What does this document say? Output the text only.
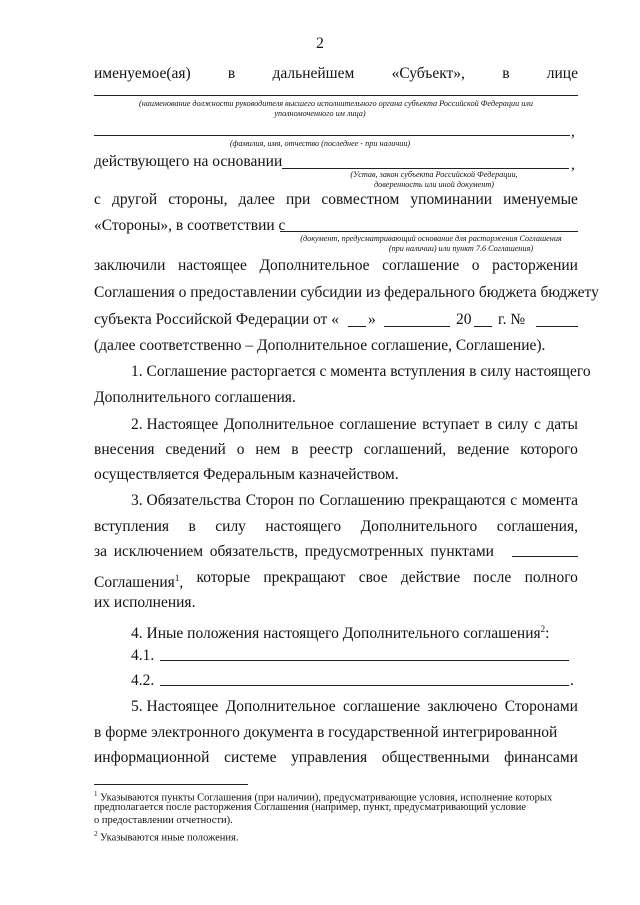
2
именуемое(ая) в дальнейшем «Субъект», в лице
(наименование должности руководителя высшего исполнительного органа субъекта Российской Федерации или
уполномоченного им лица)
,
(фамилия, имя, отчество (последнее - при наличии)
действующего на основании	,
(Устав, закон субъекта Российской Федерации,
доверенность или иной документ)
с другой стороны, далее при совместном упоминании именуемые
«Стороны», в соответствии с
(документ, предусматривающий основание для расторжения Соглашения
(при наличии) или пункт 7.6 Соглашения)
заключили настоящее Дополнительное соглашение о расторжении
Соглашения о предоставлении субсидии из федерального бюджета бюджету
субъекта Российской Федерации от « »	20 г. №
(далее соответственно – Дополнительное соглашение, Соглашение).
1. Соглашение расторгается с момента вступления в силу настоящего
Дополнительного соглашения.
2. Настоящее Дополнительное соглашение вступает в силу с даты
внесения сведений о нем в реестр соглашений, ведение которого
осуществляется Федеральным казначейством.
3. Обязательства Сторон по Соглашению прекращаются с момента
вступления в силу настоящего Дополнительного соглашения,
за исключением обязательств, предусмотренных пунктами
Соглашения$^1$, которые прекращают свое действие после полного
их исполнения.
4. Иные положения настоящего Дополнительного соглашения$^2$:
4.1.
4.2.	.
5. Настоящее Дополнительное соглашение заключено Сторонами
в форме электронного документа в государственной интегрированной
информационной системе управления общественными финансами
$^1$ Указываются пункты Соглашения (при наличии), предусматривающие условия, исполнение которых
предполагается после расторжения Соглашения (например, пункт, предусматривающий условие
о предоставлении отчетности).
$^2$ Указываются иные положения.
